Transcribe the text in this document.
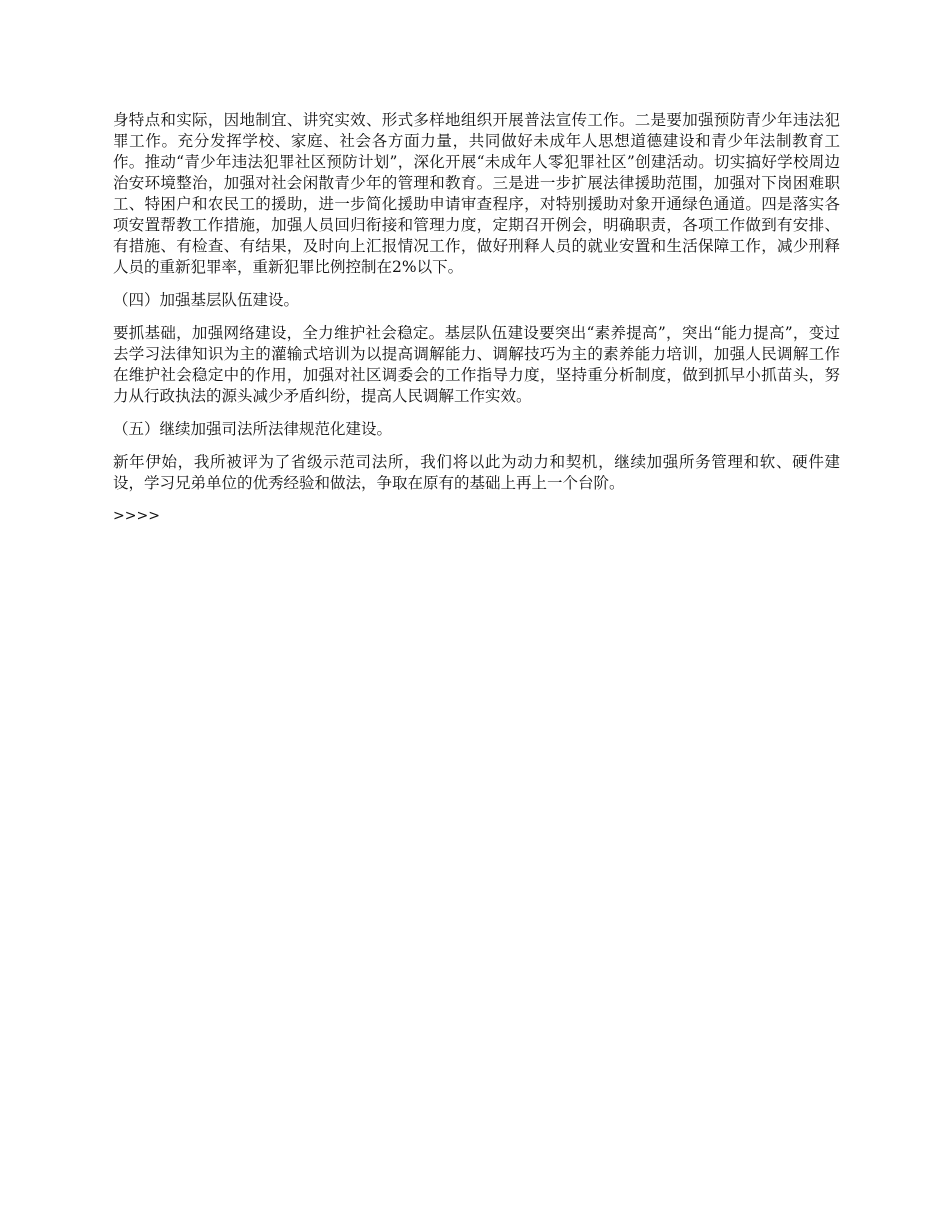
身特点和实际，因地制宜、讲究实效、形式多样地组织开展普法宣传工作。二是要加强预防青少年违法犯罪工作。充分发挥学校、家庭、社会各方面力量，共同做好未成年人思想道德建设和青少年法制教育工作。推动“青少年违法犯罪社区预防计划”，深化开展“未成年人零犯罪社区”创建活动。切实搞好学校周边治安环境整治，加强对社会闲散青少年的管理和教育。三是进一步扩展法律援助范围，加强对下岗困难职工、特困户和农民工的援助，进一步简化援助申请审查程序，对特别援助对象开通绿色通道。四是落实各项安置帮教工作措施，加强人员回归衔接和管理力度，定期召开例会，明确职责，各项工作做到有安排、有措施、有检查、有结果，及时向上汇报情况工作，做好刑释人员的就业安置和生活保障工作，减少刑释人员的重新犯罪率，重新犯罪比例控制在2%以下。

（四）加强基层队伍建设。

要抓基础，加强网络建设，全力维护社会稳定。基层队伍建设要突出“素养提高”，突出“能力提高”，变过去学习法律知识为主的灌输式培训为以提高调解能力、调解技巧为主的素养能力培训，加强人民调解工作在维护社会稳定中的作用，加强对社区调委会的工作指导力度，坚持重分析制度，做到抓早小抓苗头，努力从行政执法的源头减少矛盾纠纷，提高人民调解工作实效。

（五）继续加强司法所法律规范化建设。

新年伊始，我所被评为了省级示范司法所，我们将以此为动力和契机，继续加强所务管理和软、硬件建设，学习兄弟单位的优秀经验和做法，争取在原有的基础上再上一个台阶。

>>>>
